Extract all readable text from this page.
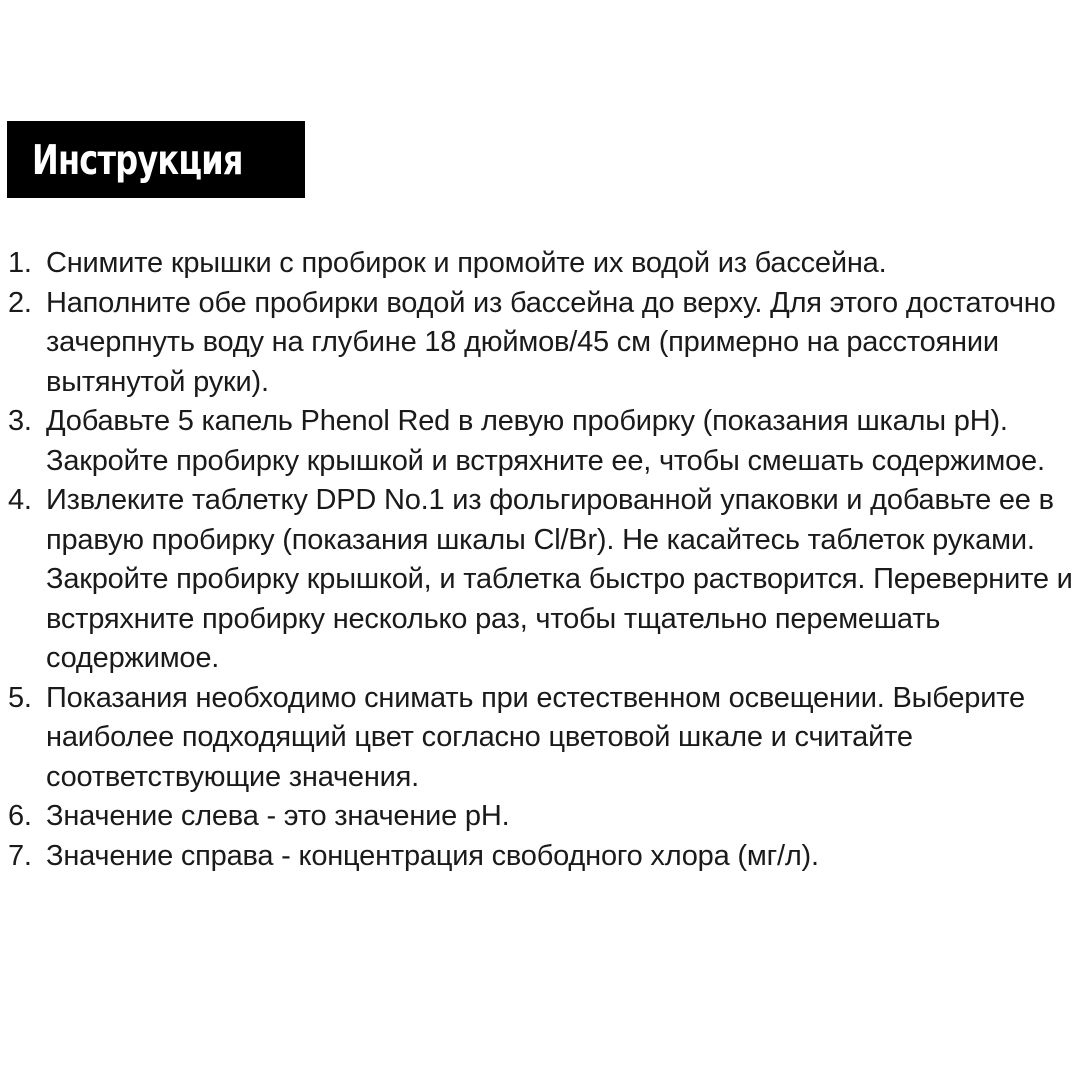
Инструкция
1. Снимите крышки с пробирок и промойте их водой из бассейна.
2. Наполните обе пробирки водой из бассейна до верху. Для этого достаточно зачерпнуть воду на глубине 18 дюймов/45 см (примерно на расстоянии вытянутой руки).
3. Добавьте 5 капель Phenol Red в левую пробирку (показания шкалы pH). Закройте пробирку крышкой и встряхните ее, чтобы смешать содержимое.
4. Извлеките таблетку DPD No.1 из фольгированной упаковки и добавьте ее в правую пробирку (показания шкалы Cl/Br). Не касайтесь таблеток руками. Закройте пробирку крышкой, и таблетка быстро растворится. Переверните и встряхните пробирку несколько раз, чтобы тщательно перемешать содержимое.
5. Показания необходимо снимать при естественном освещении. Выберите наиболее подходящий цвет согласно цветовой шкале и считайте соответствующие значения.
6. Значение слева - это значение pH.
7. Значение справа - концентрация свободного хлора (мг/л).
